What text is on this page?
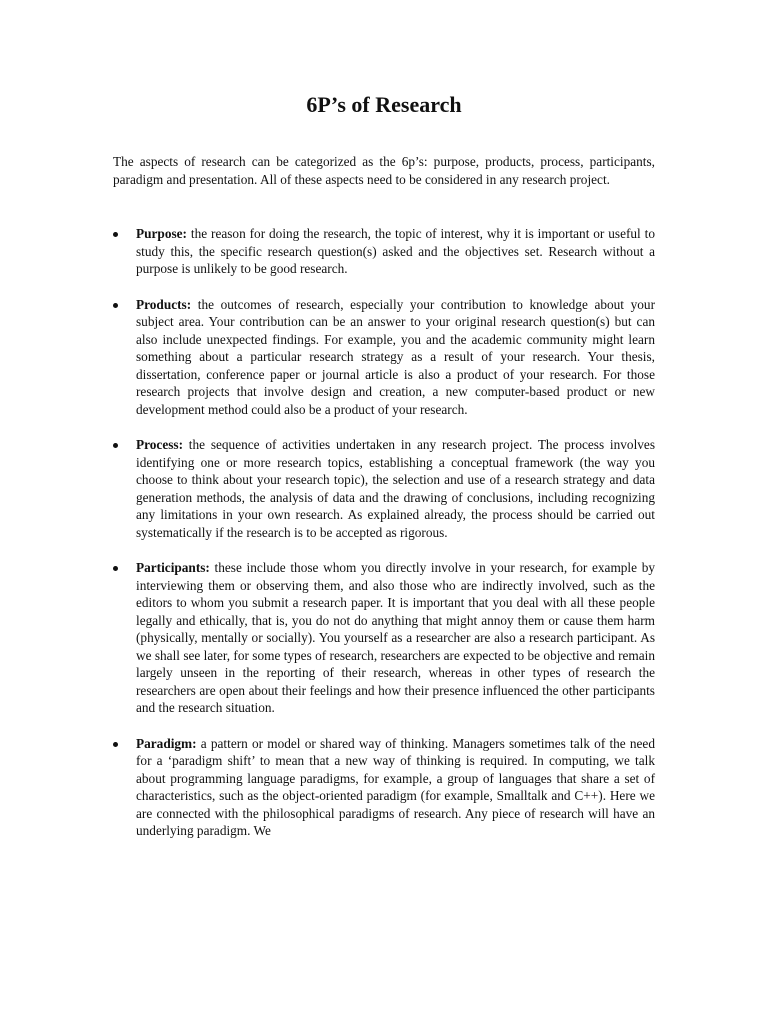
6P’s of Research

The aspects of research can be categorized as the 6p’s: purpose, products, process, participants, paradigm and presentation. All of these aspects need to be considered in any research project.

Purpose: the reason for doing the research, the topic of interest, why it is important or useful to study this, the specific research question(s) asked and the objectives set. Research without a purpose is unlikely to be good research.
Products: the outcomes of research, especially your contribution to knowledge about your subject area. Your contribution can be an answer to your original research question(s) but can also include unexpected findings. For example, you and the academic community might learn something about a particular research strategy as a result of your research. Your thesis, dissertation, conference paper or journal article is also a product of your research. For those research projects that involve design and creation, a new computer-based product or new development method could also be a product of your research.
Process: the sequence of activities undertaken in any research project. The process involves identifying one or more research topics, establishing a conceptual framework (the way you choose to think about your research topic), the selection and use of a research strategy and data generation methods, the analysis of data and the drawing of conclusions, including recognizing any limitations in your own research. As explained already, the process should be carried out systematically if the research is to be accepted as rigorous.
Participants: these include those whom you directly involve in your research, for example by interviewing them or observing them, and also those who are indirectly involved, such as the editors to whom you submit a research paper. It is important that you deal with all these people legally and ethically, that is, you do not do anything that might annoy them or cause them harm (physically, mentally or socially). You yourself as a researcher are also a research participant. As we shall see later, for some types of research, researchers are expected to be objective and remain largely unseen in the reporting of their research, whereas in other types of research the researchers are open about their feelings and how their presence influenced the other participants and the research situation.
Paradigm: a pattern or model or shared way of thinking. Managers sometimes talk of the need for a ‘paradigm shift’ to mean that a new way of thinking is required. In computing, we talk about programming language paradigms, for example, a group of languages that share a set of characteristics, such as the object-oriented paradigm (for example, Smalltalk and C++). Here we are connected with the philosophical paradigms of research. Any piece of research will have an underlying paradigm. We
